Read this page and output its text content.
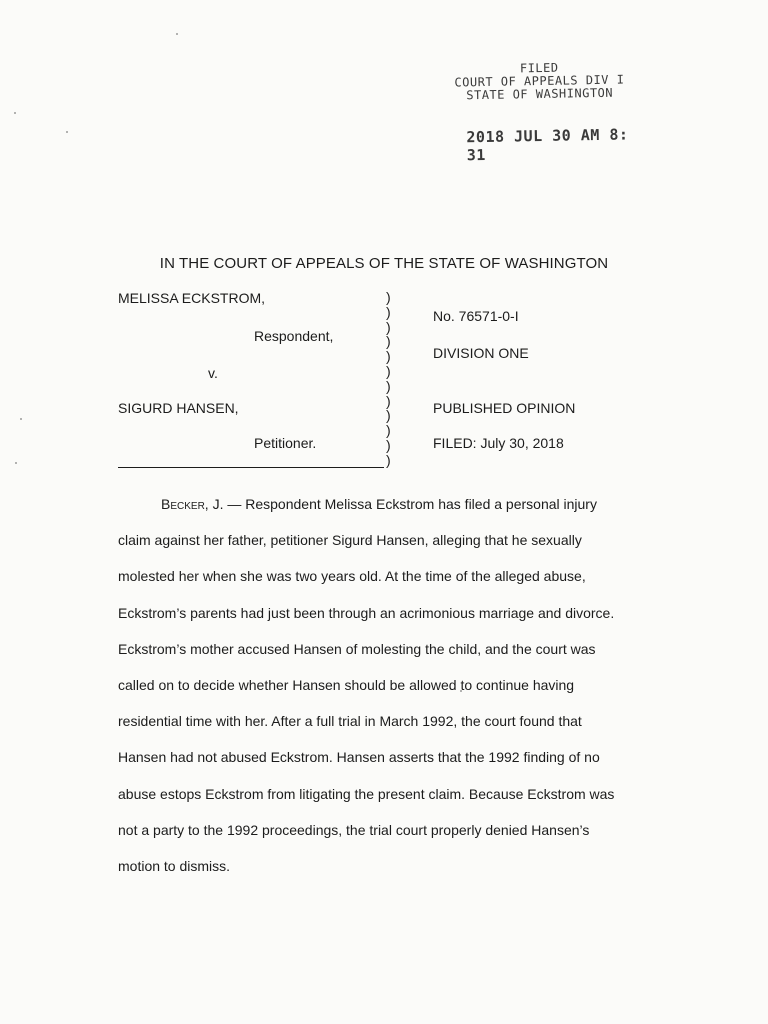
FILED
COURT OF APPEALS DIV I
STATE OF WASHINGTON
2018 JUL 30 AM 8: 31
IN THE COURT OF APPEALS OF THE STATE OF WASHINGTON
MELISSA ECKSTROM,
Respondent,
v.
SIGURD HANSEN,
Petitioner.
)
)
)
)
)
)
)
)
)
)
)
)
No. 76571-0-I
DIVISION ONE
PUBLISHED OPINION
FILED: July 30, 2018
Becker, J. — Respondent Melissa Eckstrom has filed a personal injury
claim against her father, petitioner Sigurd Hansen, alleging that he sexually
molested her when she was two years old. At the time of the alleged abuse,
Eckstrom’s parents had just been through an acrimonious marriage and divorce.
Eckstrom’s mother accused Hansen of molesting the child, and the court was
called on to decide whether Hansen should be allowed to continue having
residential time with her. After a full trial in March 1992, the court found that
Hansen had not abused Eckstrom. Hansen asserts that the 1992 finding of no
abuse estops Eckstrom from litigating the present claim. Because Eckstrom was
not a party to the 1992 proceedings, the trial court properly denied Hansen’s
motion to dismiss.
